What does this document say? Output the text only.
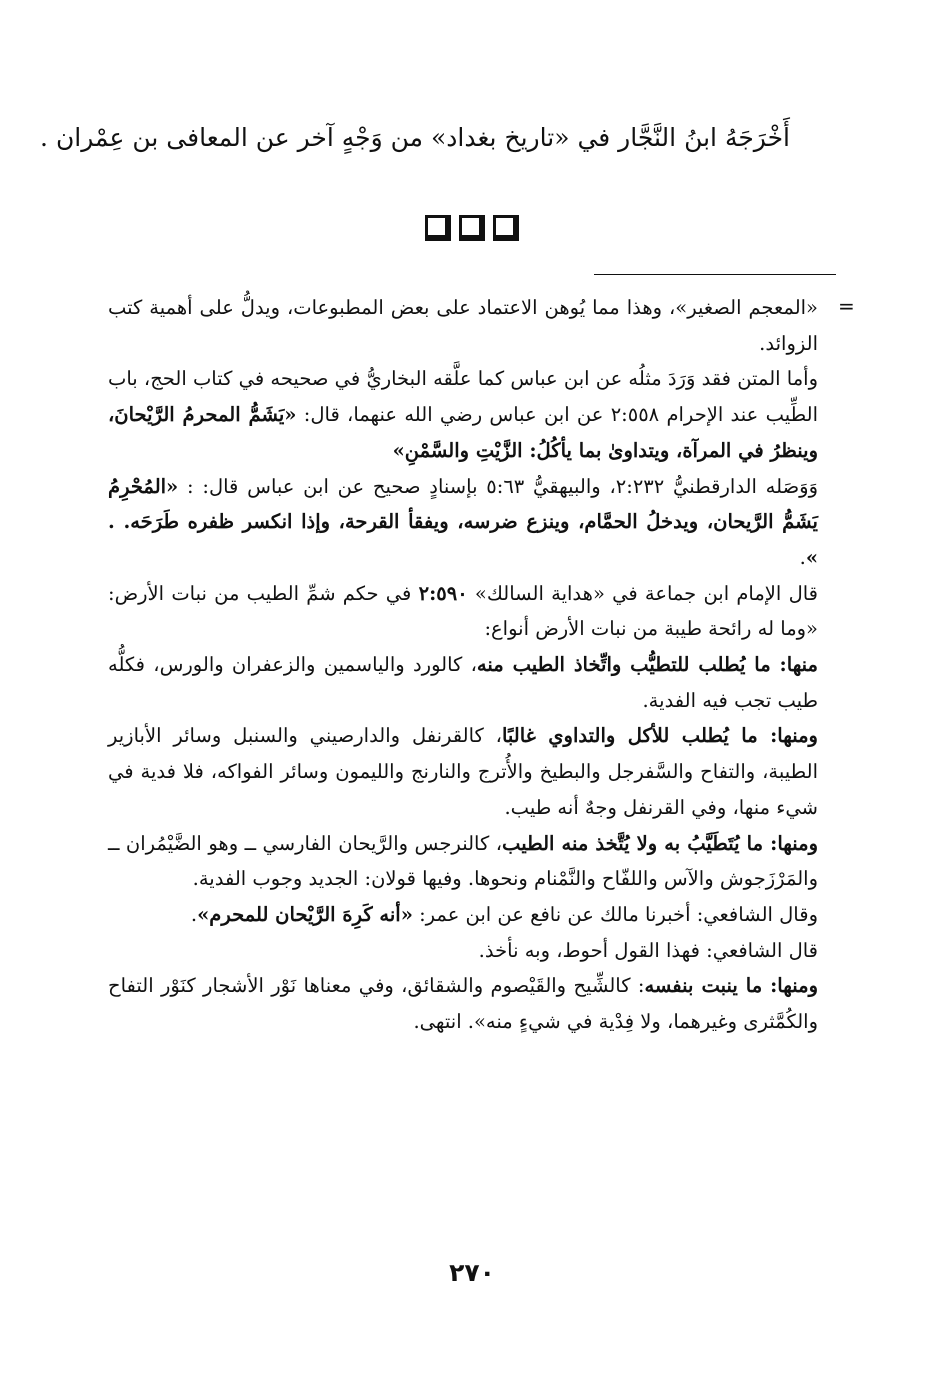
أَخْرَجَهُ ابنُ النَّجَّار في «تاريخ بغداد» من وَجْهٍ آخر عن المعافى بن عِمْران .
=

«المعجم الصغير»، وهذا مما يُوهن الاعتماد على بعض المطبوعات، ويدلُّ على أهمية كتب الزوائد.

وأما المتن فقد وَرَدَ مثلُه عن ابن عباس كما علَّقه البخاريُّ في صحيحه في كتاب الحج، باب الطِّيب عند الإحرام ٢:٥٥٨ عن ابن عباس رضي الله عنهما، قال: «يَشَمُّ المحرمُ الرَّيْحانَ، وينظرُ في المرآة، ويتداوىٰ بما يأكُلُ: الزَّيْتِ والسَّمْنِ»

وَوَصَله الدارقطنيُّ ٢:٢٣٢، والبيهقيُّ ٥:٦٣ بإسنادٍ صحيح عن ابن عباس قال: : «المُحْرِمُ يَشَمُّ الرَّيحان، ويدخلُ الحمَّام، وينزع ضرسه، ويفقأ القرحة، وإذا انكسر ظفره طَرَحَه. . ».

قال الإمام ابن جماعة في «هداية السالك» ٢:٥٩٠ في حكم شمِّ الطيب من نبات الأرض: «وما له رائحة طيبة من نبات الأرض أنواع:

منها: ما يُطلب للتطيُّب واتِّخاذ الطيب منه، كالورد والياسمين والزعفران والورس، فكلُّه طيب تجب فيه الفدية.

ومنها: ما يُطلب للأكل والتداوي غالبًا، كالقرنفل والدارصيني والسنبل وسائر الأبازير الطيبة، والتفاح والسَّفرجل والبطيخ والأُترج والنارنج والليمون وسائر الفواكه، فلا فدية في شيء منها، وفي القرنفل وجهٌ أنه طيب.

ومنها: ما يُتَطَيَّبُ به ولا يُتَّخذ منه الطيب، كالنرجس والرَّيحان الفارسي ــ وهو الضَّيْمُران ــ والمَرْزَجوش والآس واللفّاح والنَّمْنام ونحوها. وفيها قولان: الجديد وجوب الفدية.

وقال الشافعي: أخبرنا مالك عن نافع عن ابن عمر: «أنه كَرِهَ الرَّيْحان للمحرم».

قال الشافعي: فهذا القول أحوط، وبه نأخذ.

ومنها: ما ينبت بنفسه: كالشِّيح والقَيْصوم والشقائق، وفي معناها نَوْر الأشجار كنَوْر التفاح والكُمَّثرى وغيرهما، ولا فِدْية في شيءٍ منه». انتهى.

٢٧٠
